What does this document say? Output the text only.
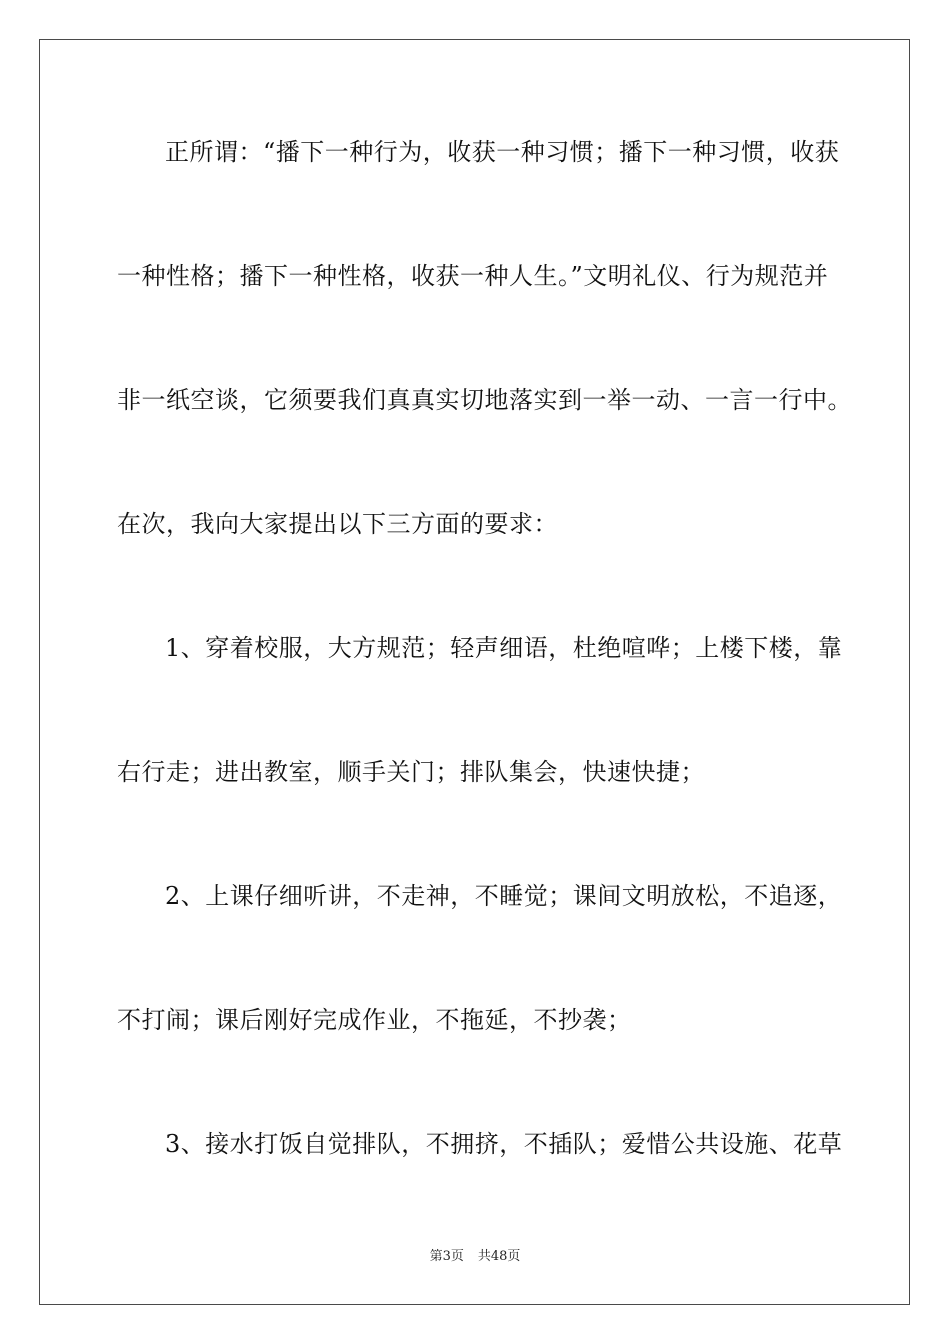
正所谓：“播下一种行为，收获一种习惯；播下一种习惯，收获
一种性格；播下一种性格，收获一种人生。”文明礼仪、行为规范并
非一纸空谈，它须要我们真真实切地落实到一举一动、一言一行中。
在次，我向大家提出以下三方面的要求：
1、穿着校服，大方规范；轻声细语，杜绝喧哗；上楼下楼，靠
右行走；进出教室，顺手关门；排队集会，快速快捷；
2、上课仔细听讲，不走神，不睡觉；课间文明放松，不追逐，
不打闹；课后刚好完成作业，不拖延，不抄袭；
3、接水打饭自觉排队，不拥挤，不插队；爱惜公共设施、花草
第3页 共48页
